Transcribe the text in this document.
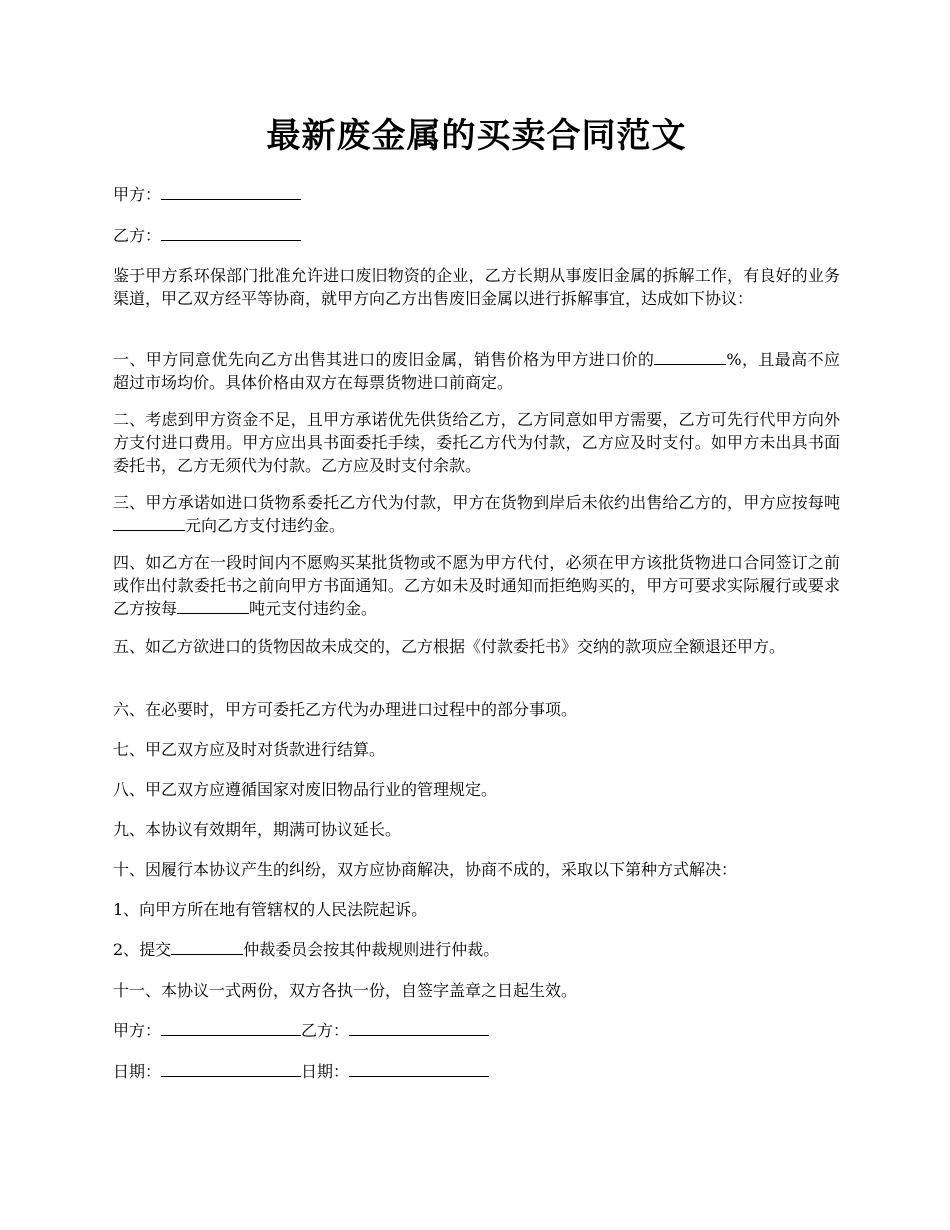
最新废金属的买卖合同范文

甲方：

乙方：

鉴于甲方系环保部门批准允许进口废旧物资的企业，乙方长期从事废旧金属的拆解工作，有良好的业务渠道，甲乙双方经平等协商，就甲方向乙方出售废旧金属以进行拆解事宜，达成如下协议：

一、甲方同意优先向乙方出售其进口的废旧金属，销售价格为甲方进口价的	%，且最高不应超过市场均价。具体价格由双方在每票货物进口前商定。

二、考虑到甲方资金不足，且甲方承诺优先供货给乙方，乙方同意如甲方需要，乙方可先行代甲方向外方支付进口费用。甲方应出具书面委托手续，委托乙方代为付款，乙方应及时支付。如甲方未出具书面委托书，乙方无须代为付款。乙方应及时支付余款。

三、甲方承诺如进口货物系委托乙方代为付款，甲方在货物到岸后未依约出售给乙方的，甲方应按每吨元向乙方支付违约金。

四、如乙方在一段时间内不愿购买某批货物或不愿为甲方代付，必须在甲方该批货物进口合同签订之前或作出付款委托书之前向甲方书面通知。乙方如未及时通知而拒绝购买的，甲方可要求实际履行或要求乙方按每	吨元支付违约金。

五、如乙方欲进口的货物因故未成交的，乙方根据《付款委托书》交纳的款项应全额退还甲方。

六、在必要时，甲方可委托乙方代为办理进口过程中的部分事项。

七、甲乙双方应及时对货款进行结算。

八、甲乙双方应遵循国家对废旧物品行业的管理规定。

九、本协议有效期年，期满可协议延长。

十、因履行本协议产生的纠纷，双方应协商解决，协商不成的，采取以下第种方式解决：

1、向甲方所在地有管辖权的人民法院起诉。

2、提交	仲裁委员会按其仲裁规则进行仲裁。

十一、本协议一式两份，双方各执一份，自签字盖章之日起生效。

甲方：	乙方：

日期：	日期：
